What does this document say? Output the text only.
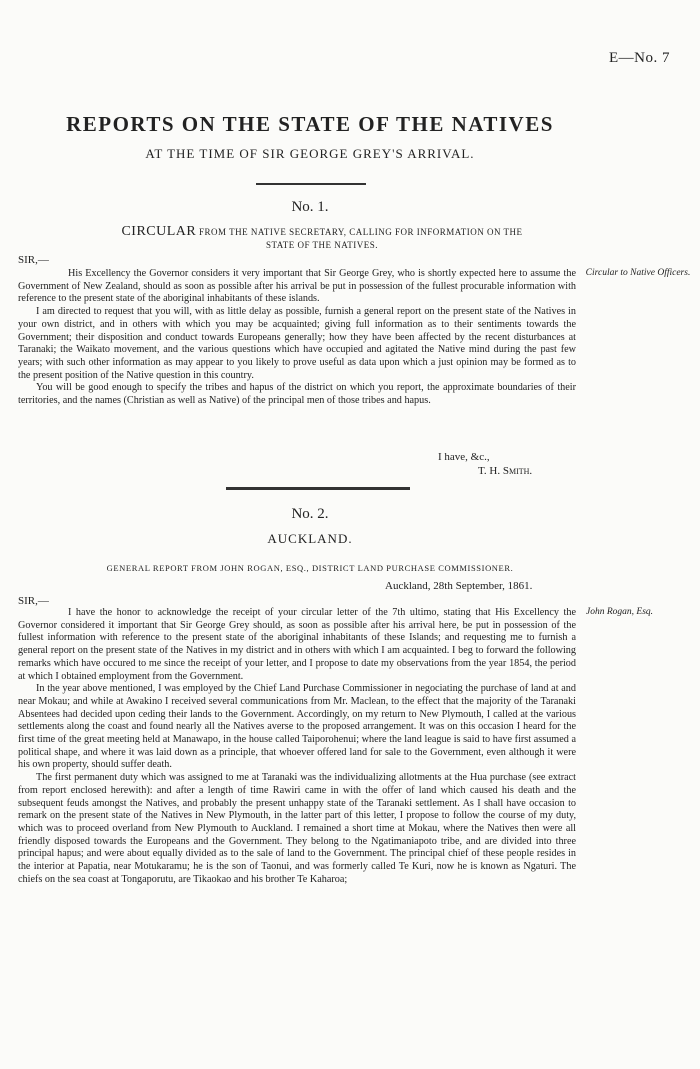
E—No. 7
REPORTS ON THE STATE OF THE NATIVES
AT THE TIME OF SIR GEORGE GREY'S ARRIVAL.
No. 1.
CIRCULAR FROM THE NATIVE SECRETARY, CALLING FOR INFORMATION ON THE
STATE OF THE NATIVES.
SIR,—
Circular to Native Officers.

His Excellency the Governor considers it very important that Sir George Grey, who is shortly expected here to assume the Government of New Zealand, should as soon as possible after his arrival be put in possession of the fullest procurable information with reference to the present state of the aboriginal inhabitants of these islands.

I am directed to request that you will, with as little delay as possible, furnish a general report on the present state of the Natives in your own district, and in others with which you may be acquainted; giving full information as to their sentiments towards the Government; their disposition and conduct towards Europeans generally; how they have been affected by the recent disturbances at Taranaki; the Waikato movement, and the various questions which have occupied and agitated the Native mind during the past few years; with such other information as may appear to you likely to prove useful as data upon which a just opinion may be formed as to the present position of the Native question in this country.

You will be good enough to specify the tribes and hapus of the district on which you report, the approximate boundaries of their territories, and the names (Christian as well as Native) of the principal men of those tribes and hapus.

I have, &c.,
T. H. Smith.
No. 2.
AUCKLAND.
GENERAL REPORT FROM JOHN ROGAN, ESQ., DISTRICT LAND PURCHASE COMMISSIONER.
Auckland, 28th September, 1861.
SIR,—
John Rogan, Esq.

I have the honor to acknowledge the receipt of your circular letter of the 7th ultimo, stating that His Excellency the Governor considered it important that Sir George Grey should, as soon as possible after his arrival here, be put in possession of the fullest information with reference to the present state of the aboriginal inhabitants of these Islands; and requesting me to furnish a general report on the present state of the Natives in my district and in others with which I am acquainted. I beg to forward the following remarks which have occured to me since the receipt of your letter, and I propose to date my observations from the year 1854, the period at which I obtained employment from the Government.

In the year above mentioned, I was employed by the Chief Land Purchase Commissioner in negociating the purchase of land at and near Mokau; and while at Awakino I received several communications from Mr. Maclean, to the effect that the majority of the Taranaki Absentees had decided upon ceding their lands to the Government. Accordingly, on my return to New Plymouth, I called at the various settlements along the coast and found nearly all the Natives averse to the proposed arrangement. It was on this occasion I heard for the first time of the great meeting held at Manawapo, in the house called Taiporohenui; where the land league is said to have first assumed a political shape, and where it was laid down as a principle, that whoever offered land for sale to the Government, even although it were his own property, should suffer death.

The first permanent duty which was assigned to me at Taranaki was the individualizing allotments at the Hua purchase (see extract from report enclosed herewith): and after a length of time Rawiri came in with the offer of land which caused his death and the subsequent feuds amongst the Natives, and probably the present unhappy state of the Taranaki settlement. As I shall have occasion to remark on the present state of the Natives in New Plymouth, in the latter part of this letter, I propose to follow the course of my duty, which was to proceed overland from New Plymouth to Auckland. I remained a short time at Mokau, where the Natives then were all friendly disposed towards the Europeans and the Government. They belong to the Ngatimaniapoto tribe, and are divided into three principal hapus; and were about equally divided as to the sale of land to the Government. The principal chief of these people resides in the interior at Papatia, near Motukaramu; he is the son of Taonui, and was formerly called Te Kuri, now he is known as Ngaturi. The chiefs on the sea coast at Tongaporutu, are Tikaokao and his brother Te Kaharoa;
